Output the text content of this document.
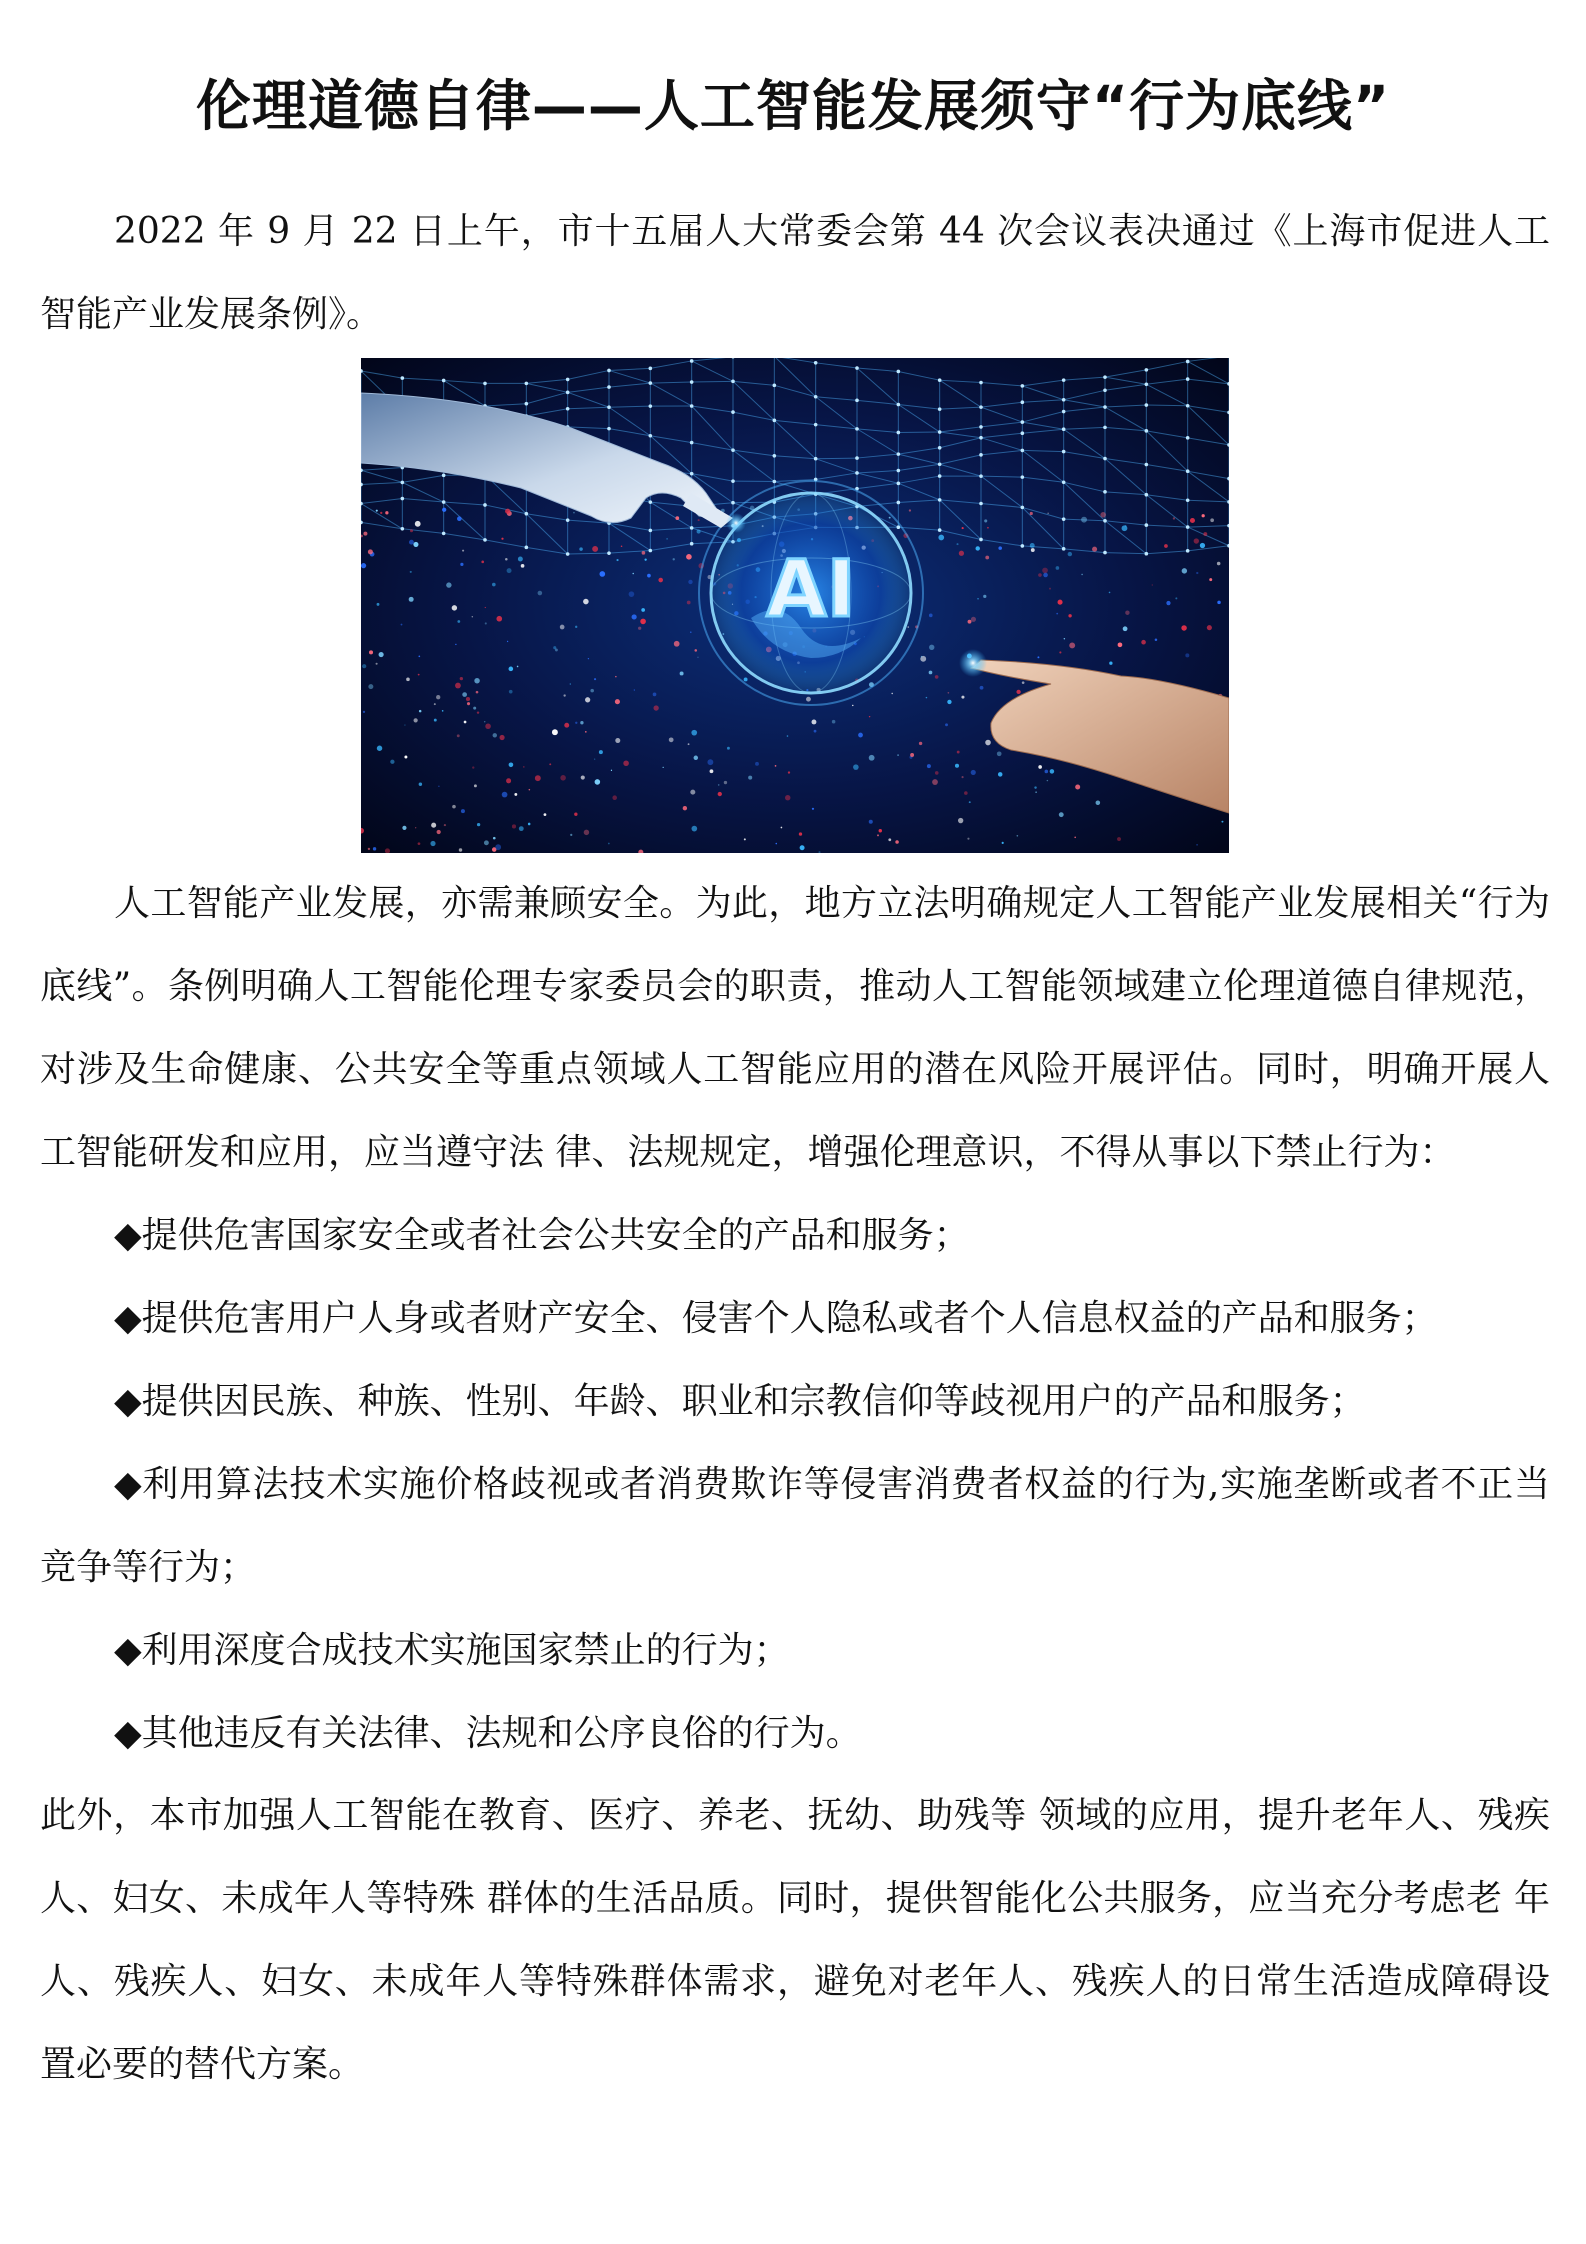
伦理道德自律——人工智能发展须守“行为底线”

2022 年 9 月 22 日上午，市十五届人大常委会第 44 次会议表决通过《上海市促进人工智能产业发展条例》。

AI

人工智能产业发展，亦需兼顾安全。为此，地方立法明确规定人工智能产业发展相关“行为底线”。条例明确人工智能伦理专家委员会的职责，推动人工智能领域建立伦理道德自律规范，对涉及生命健康、公共安全等重点领域人工智能应用的潜在风险开展评估。同时，明确开展人工智能研发和应用，应当遵守法 律、法规规定，增强伦理意识，不得从事以下禁止行为：

◆提供危害国家安全或者社会公共安全的产品和服务；
◆提供危害用户人身或者财产安全、侵害个人隐私或者个人信息权益的产品和服务；
◆提供因民族、种族、性别、年龄、职业和宗教信仰等歧视用户的产品和服务；
◆利用算法技术实施价格歧视或者消费欺诈等侵害消费者权益的行为,实施垄断或者不正当竞争等行为；
◆利用深度合成技术实施国家禁止的行为；
◆其他违反有关法律、法规和公序良俗的行为。

此外，本市加强人工智能在教育、医疗、养老、抚幼、助残等 领域的应用，提升老年人、残疾人、妇女、未成年人等特殊 群体的生活品质。同时，提供智能化公共服务，应当充分考虑老 年人、残疾人、妇女、未成年人等特殊群体需求，避免对老年人、残疾人的日常生活造成障碍设置必要的替代方案。
